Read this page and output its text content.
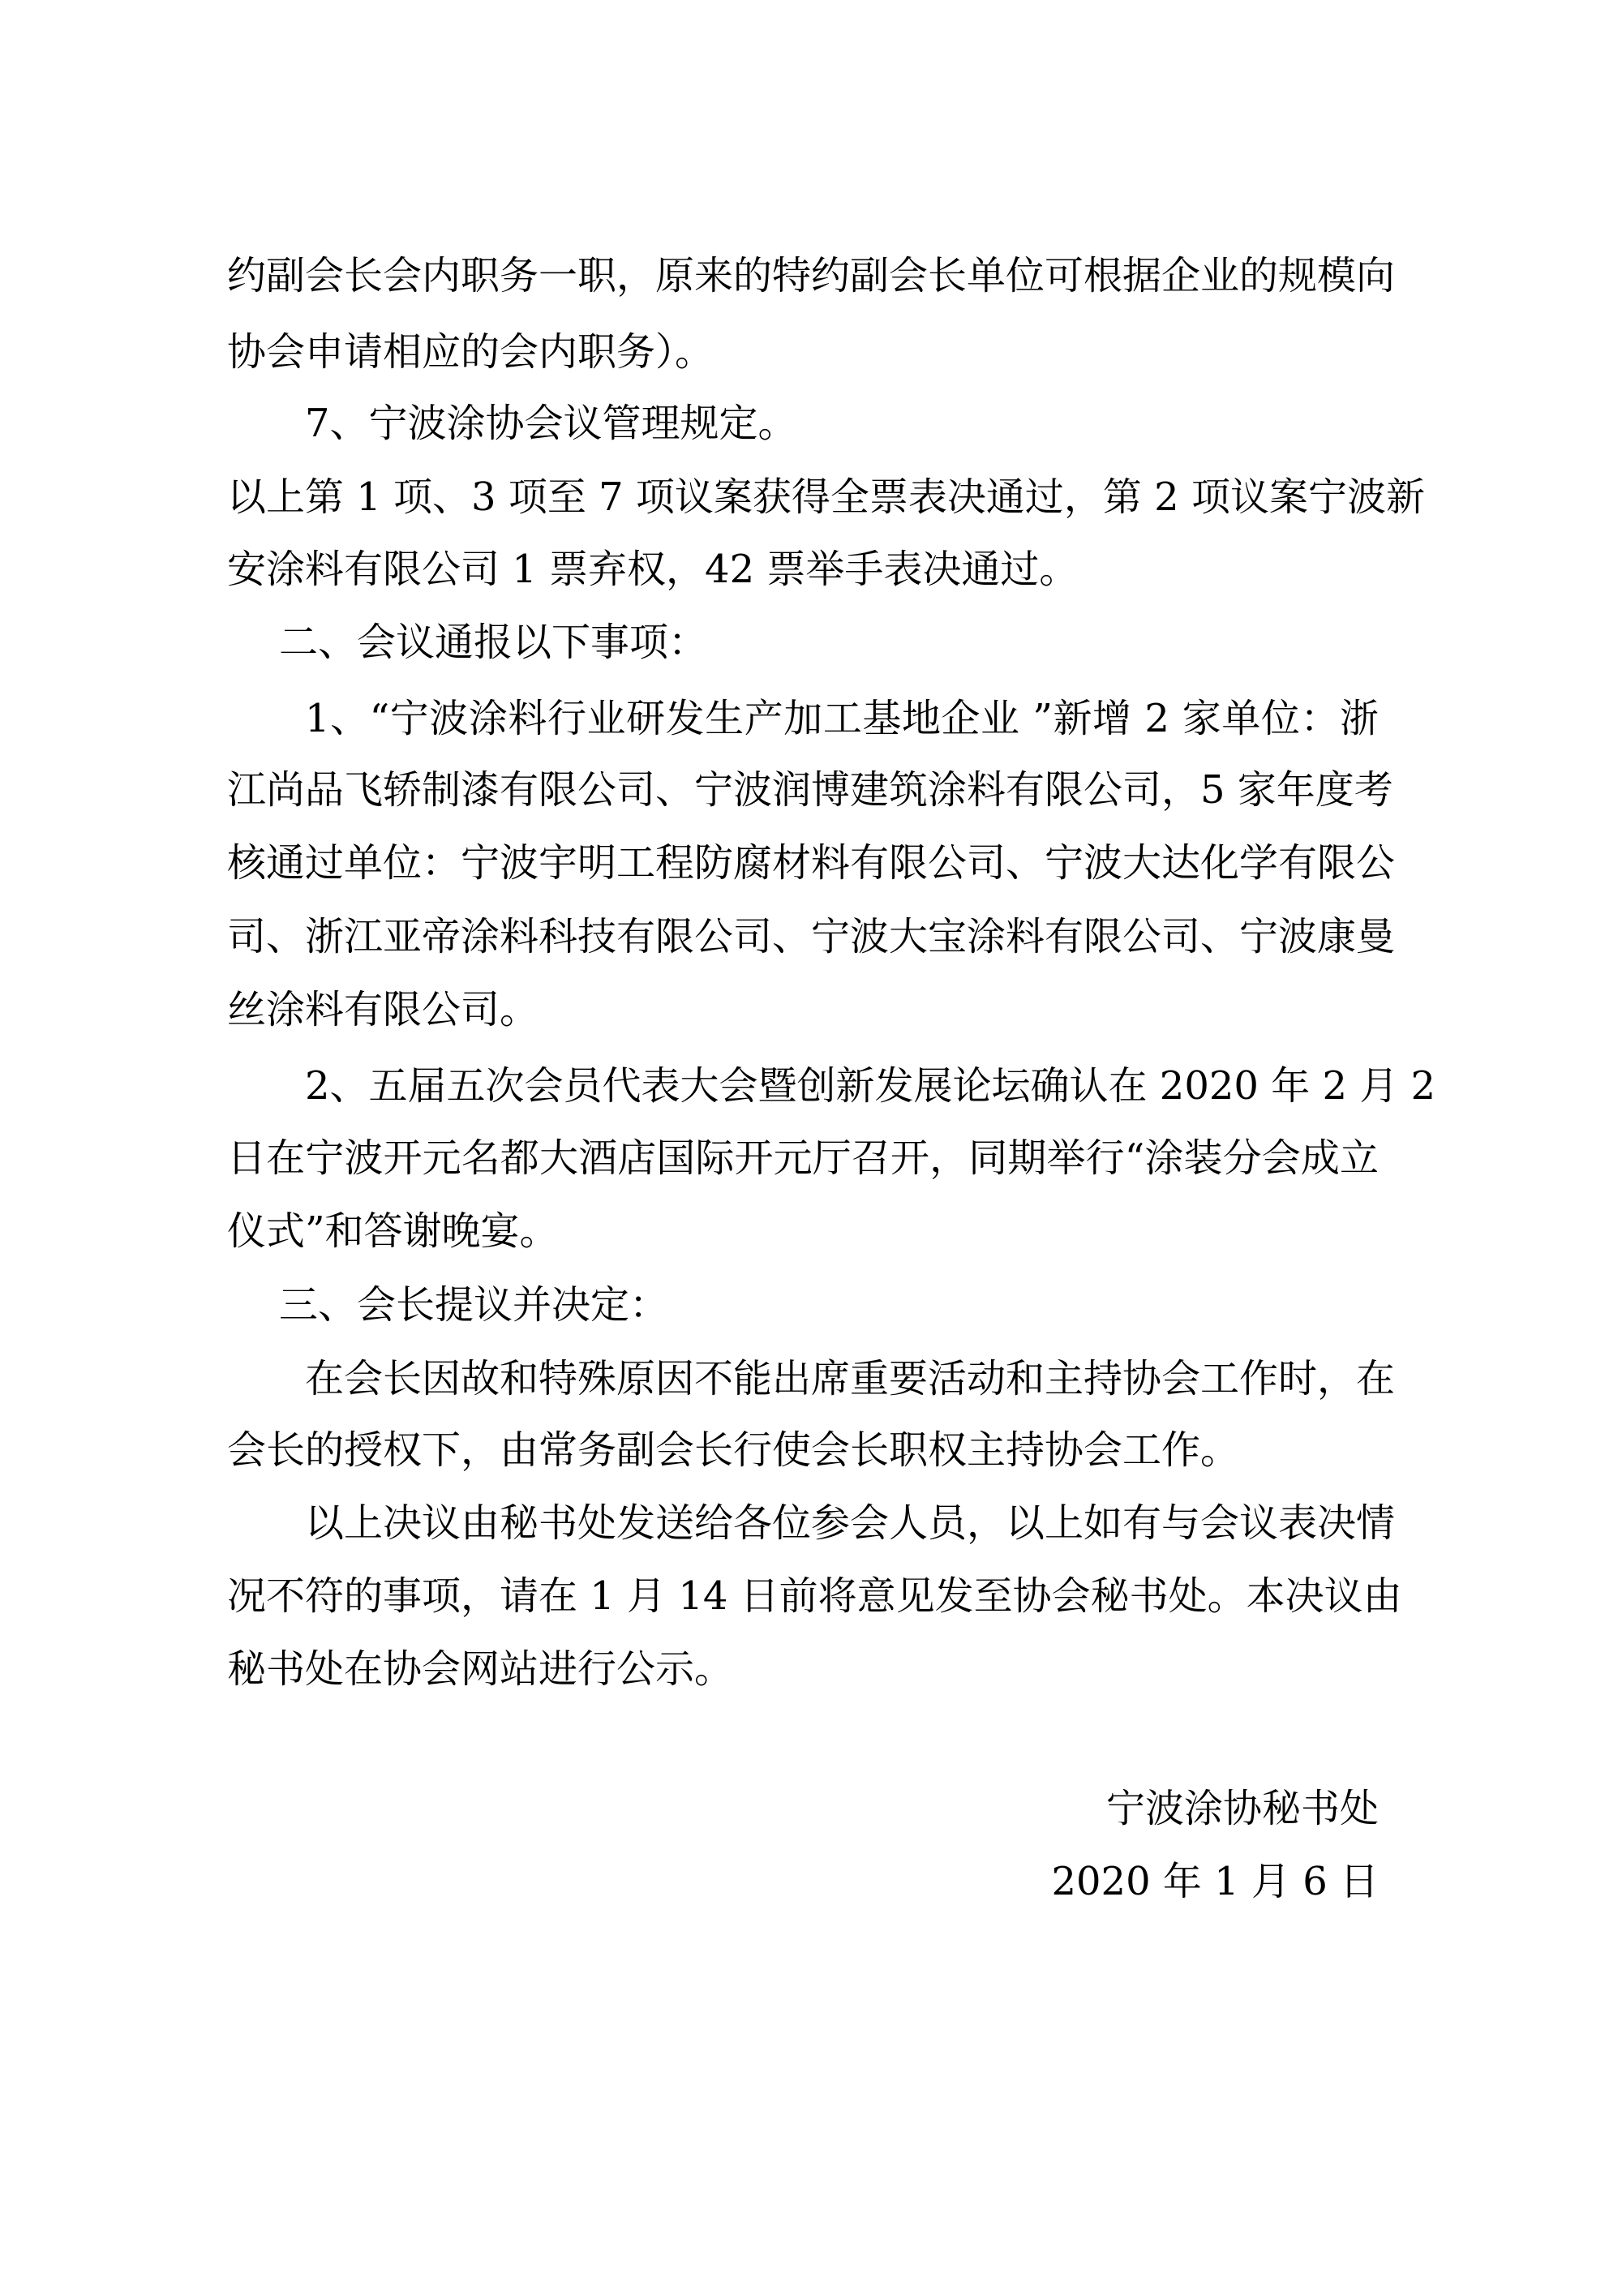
约副会长会内职务一职，原来的特约副会长单位可根据企业的规模向
协会申请相应的会内职务）。
7、宁波涂协会议管理规定。
以上第 1 项、3 项至 7 项议案获得全票表决通过，第 2 项议案宁波新
安涂料有限公司 1 票弃权，42 票举手表决通过。
二、会议通报以下事项：
1、“宁波涂料行业研发生产加工基地企业 ”新增 2 家单位：浙
江尚品飞轿制漆有限公司、宁波润博建筑涂料有限公司，5 家年度考
核通过单位：宁波宇明工程防腐材料有限公司、宁波大达化学有限公
司、浙江亚帝涂料科技有限公司、宁波大宝涂料有限公司、宁波康曼
丝涂料有限公司。
2、五届五次会员代表大会暨创新发展论坛确认在 2020 年 2 月 2
日在宁波开元名都大酒店国际开元厅召开，同期举行“涂装分会成立
仪式”和答谢晚宴。
三、会长提议并决定：
在会长因故和特殊原因不能出席重要活动和主持协会工作时，在
会长的授权下，由常务副会长行使会长职权主持协会工作。
以上决议由秘书处发送给各位参会人员，以上如有与会议表决情
况不符的事项，请在 1 月 14 日前将意见发至协会秘书处。本决议由
秘书处在协会网站进行公示。
宁波涂协秘书处
2020 年 1 月 6 日
